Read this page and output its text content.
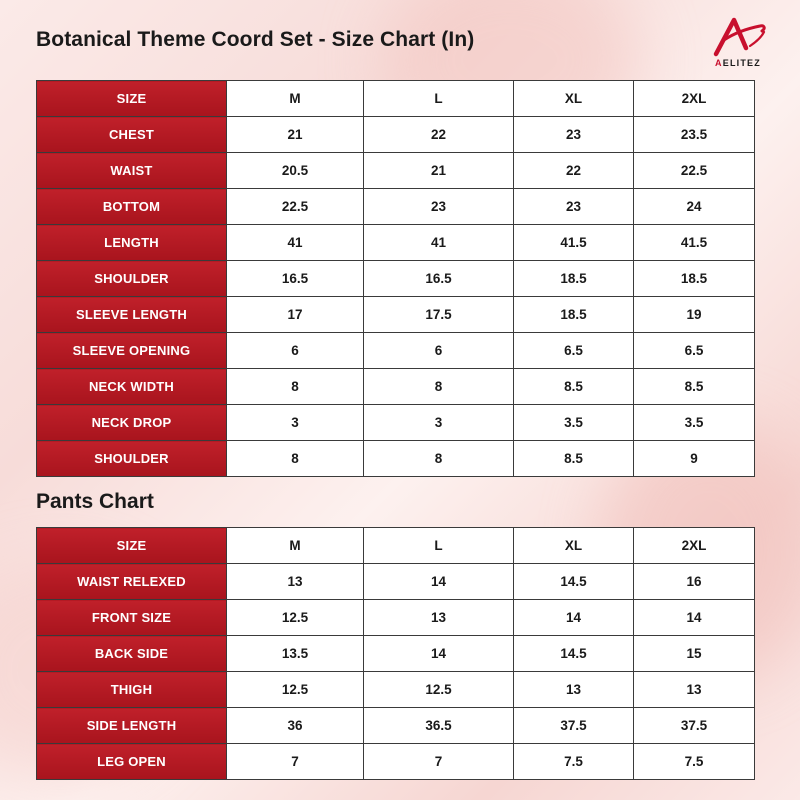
Botanical Theme Coord Set - Size Chart (In)
AELITEZ
SIZE	M	L	XL	2XL
CHEST	21	22	23	23.5
WAIST	20.5	21	22	22.5
BOTTOM	22.5	23	23	24
LENGTH	41	41	41.5	41.5
SHOULDER	16.5	16.5	18.5	18.5
SLEEVE LENGTH	17	17.5	18.5	19
SLEEVE OPENING	6	6	6.5	6.5
NECK WIDTH	8	8	8.5	8.5
NECK DROP	3	3	3.5	3.5
SHOULDER	8	8	8.5	9
Pants Chart
SIZE	M	L	XL	2XL
WAIST RELEXED	13	14	14.5	16
FRONT SIZE	12.5	13	14	14
BACK SIDE	13.5	14	14.5	15
THIGH	12.5	12.5	13	13
SIDE LENGTH	36	36.5	37.5	37.5
LEG OPEN	7	7	7.5	7.5
